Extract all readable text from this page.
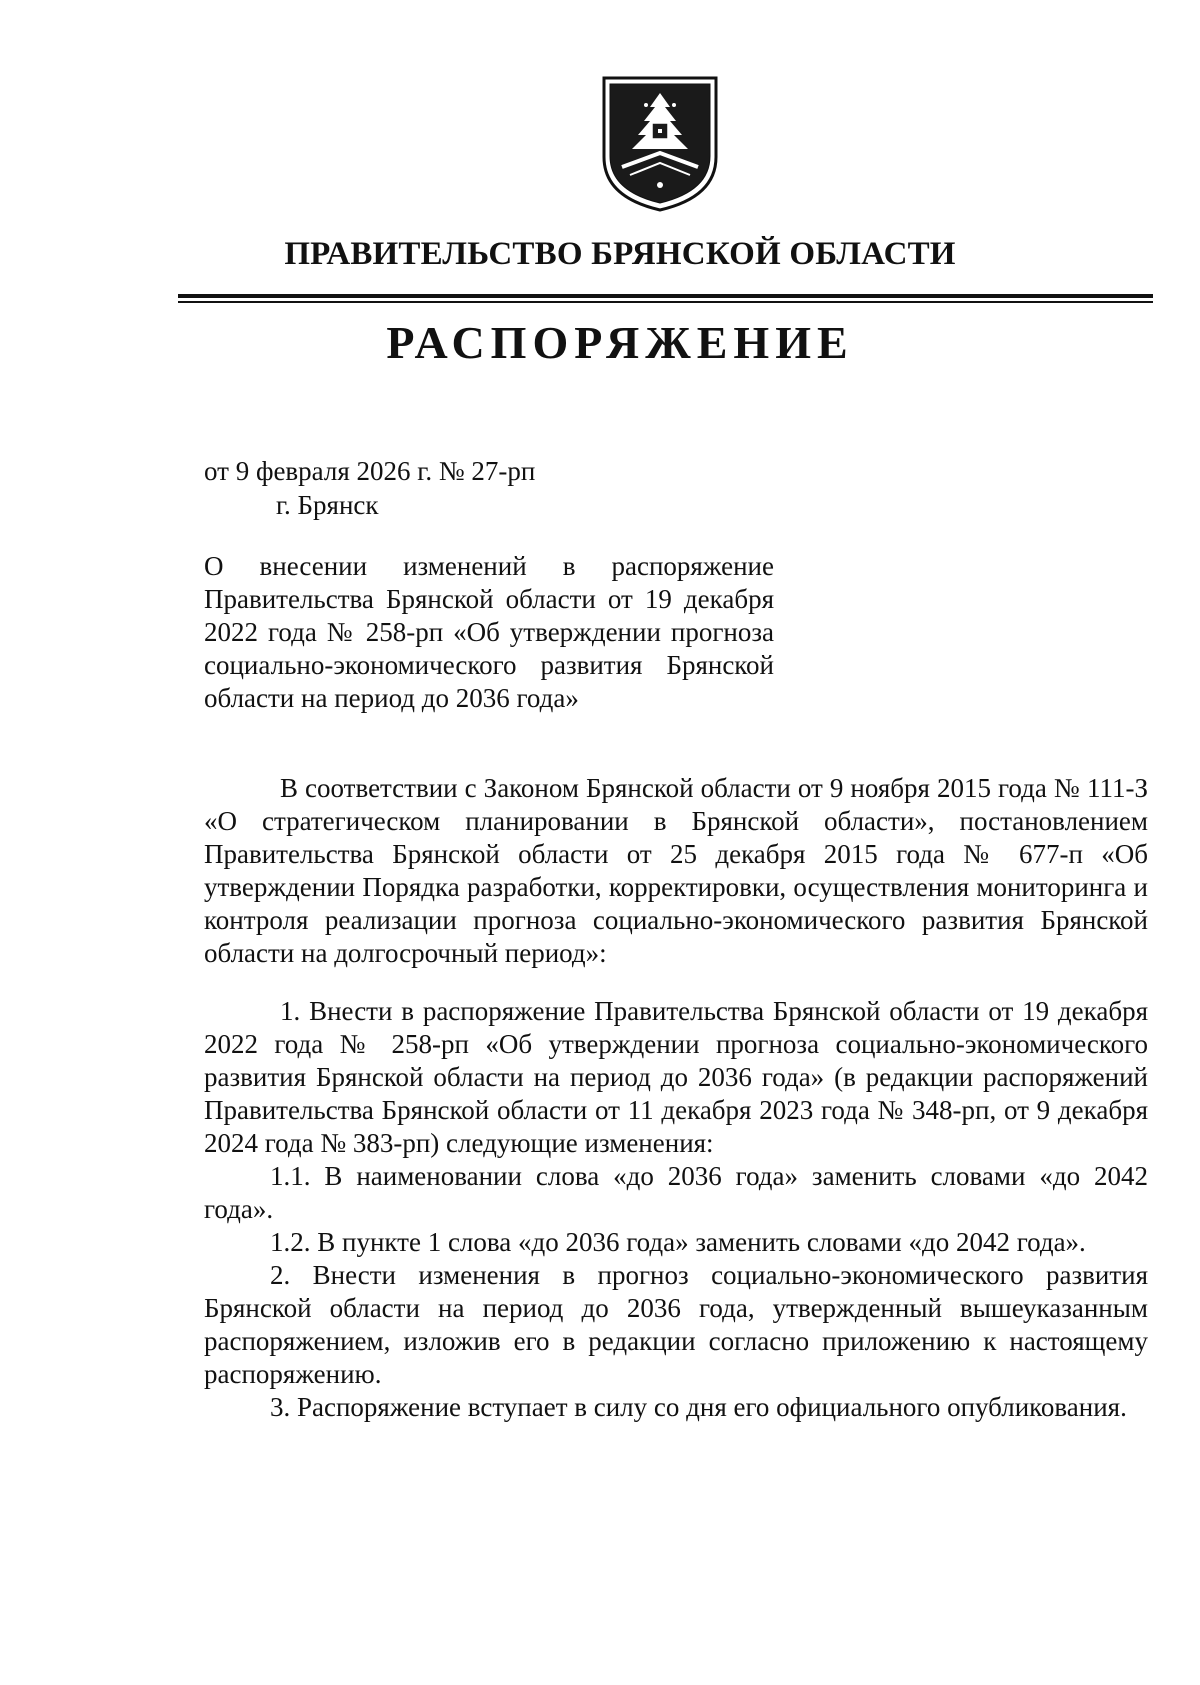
ПРАВИТЕЛЬСТВО БРЯНСКОЙ ОБЛАСТИ
РАСПОРЯЖЕНИЕ
от 9 февраля 2026 г. № 27-рп
г. Брянск
О внесении изменений в распоряжение Правительства Брянской области от 19 декабря 2022 года № 258-рп «Об утверждении прогноза социально-экономического развития Брянской области на период до 2036 года»

В соответствии с Законом Брянской области от 9 ноября 2015 года № 111-З «О стратегическом планировании в Брянской области», постановлением Правительства Брянской области от 25 декабря 2015 года № 677-п «Об утверждении Порядка разработки, корректировки, осуществления мониторинга и контроля реализации прогноза социально-экономического развития Брянской области на долгосрочный период»:

1. Внести в распоряжение Правительства Брянской области от 19 декабря 2022 года № 258-рп «Об утверждении прогноза социально-экономического развития Брянской области на период до 2036 года» (в редакции распоряжений Правительства Брянской области от 11 декабря 2023 года № 348-рп, от 9 декабря 2024 года № 383-рп) следующие изменения:

1.1. В наименовании слова «до 2036 года» заменить словами «до 2042 года».

1.2. В пункте 1 слова «до 2036 года» заменить словами «до 2042 года».

2. Внести изменения в прогноз социально-экономического развития Брянской области на период до 2036 года, утвержденный вышеуказанным распоряжением, изложив его в редакции согласно приложению к настоящему распоряжению.

3. Распоряжение вступает в силу со дня его официального опубликования.
